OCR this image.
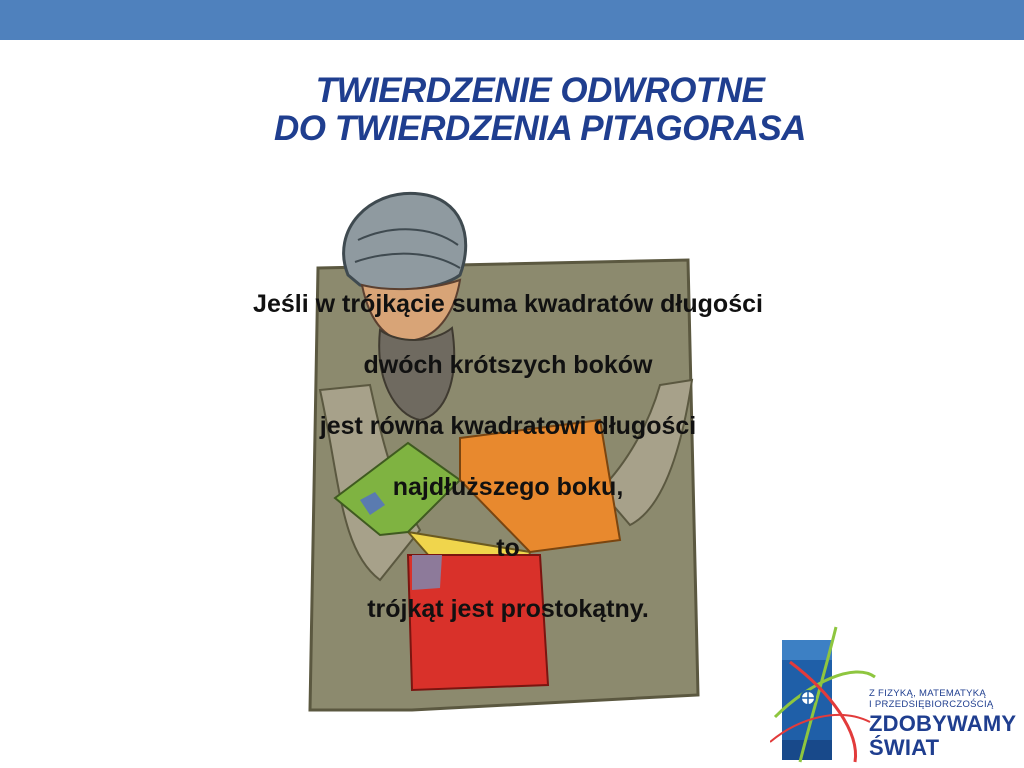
TWIERDZENIE ODWROTNE
DO TWIERDZENIA PITAGORASA
Jeśli w trójkącie suma kwadratów długości
dwóch krótszych boków
jest równa kwadratowi długości
najdłuższego boku,
to
trójkąt jest prostokątny.
Z FIZYKĄ, MATEMATYKĄ
I PRZEDSIĘBIORCZOŚCIĄ
ZDOBYWAMY
ŚWIAT
